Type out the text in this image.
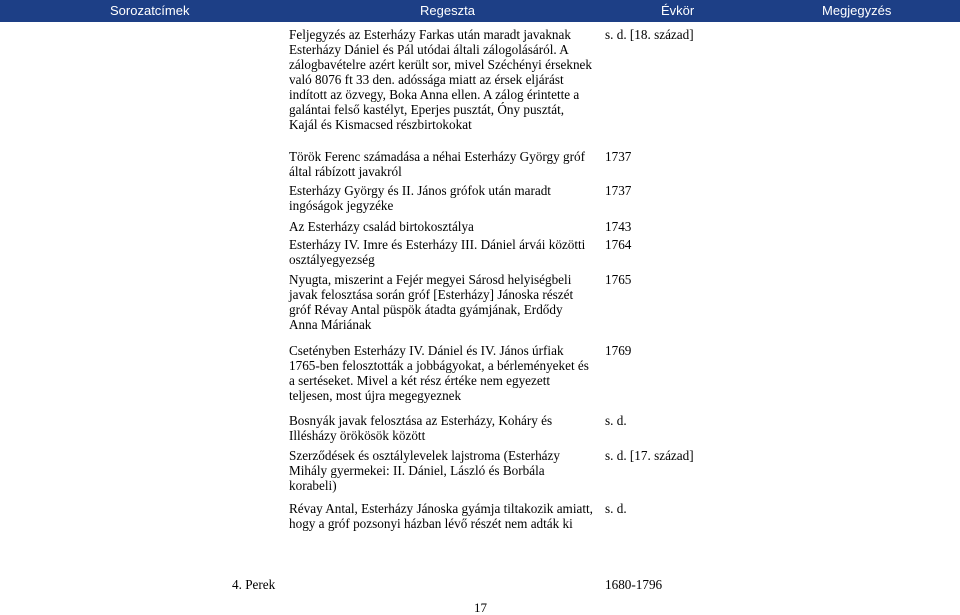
Sorozatcímek	Regeszta	Évkör	Megjegyzés
Feljegyzés az Esterházy Farkas után maradt javaknak
Esterházy Dániel és Pál utódai általi zálogolásáról. A
zálogbavételre azért került sor, mivel Széchényi érseknek
való 8076 ft 33 den. adóssága miatt az érsek eljárást
indított az özvegy, Boka Anna ellen. A zálog érintette a
galántai felső kastélyt, Eperjes pusztát, Óny pusztát,
Kajál és Kismacsed részbirtokokat
s. d. [18. század]
Török Ferenc számadása a néhai Esterházy György gróf
által rábízott javakról
1737
Esterházy György és II. János grófok után maradt
ingóságok jegyzéke
1737
Az Esterházy család birtokosztálya	1743
Esterházy IV. Imre és Esterházy III. Dániel árvái közötti
osztályegyezség
1764
Nyugta, miszerint a Fejér megyei Sárosd helyiségbeli
javak felosztása során gróf [Esterházy] Jánoska részét
gróf Révay Antal püspök átadta gyámjának, Erdődy
Anna Máriának
1765
Csetényben Esterházy IV. Dániel és IV. János úrfiak
1765-ben felosztották a jobbágyokat, a bérleményeket és
a sertéseket. Mivel a két rész értéke nem egyezett
teljesen, most újra megegyeznek
1769
Bosnyák javak felosztása az Esterházy, Koháry és
Illésházy örökösök között
s. d.
Szerződések és osztálylevelek lajstroma (Esterházy
Mihály gyermekei: II. Dániel, László és Borbála
korabeli)
s. d. [17. század]
Révay Antal, Esterházy Jánoska gyámja tiltakozik amiatt,
hogy a gróf pozsonyi házban lévő részét nem adták ki
s. d.
4. Perek	1680-1796
17
